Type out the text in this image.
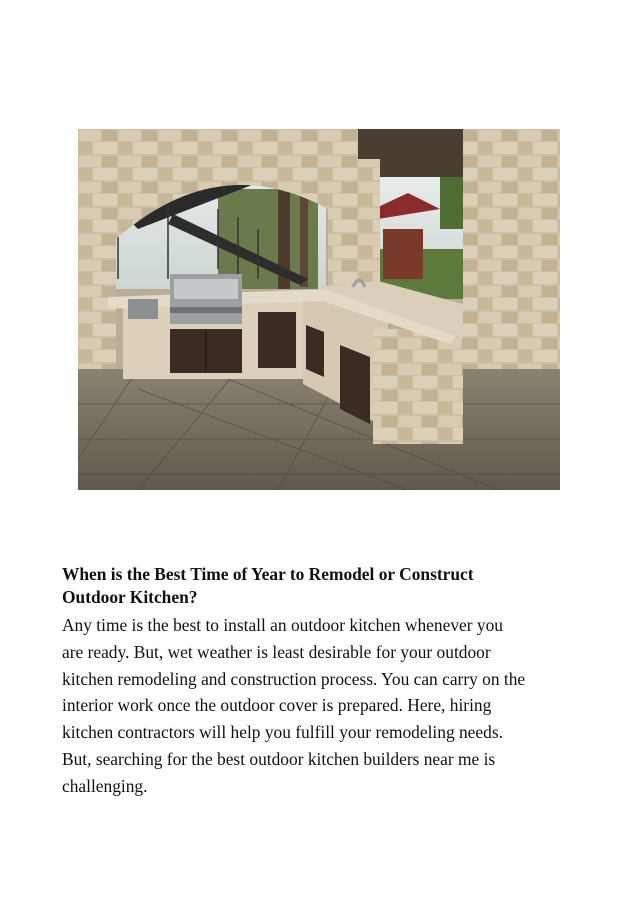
When is the Best Time of Year to Remodel or Construct
Outdoor Kitchen?
Any time is the best to install an outdoor kitchen whenever you
are ready. But, wet weather is least desirable for your outdoor
kitchen remodeling and construction process. You can carry on the
interior work once the outdoor cover is prepared. Here, hiring
kitchen contractors will help you fulfill your remodeling needs.
But, searching for the best outdoor kitchen builders near me is
challenging.
